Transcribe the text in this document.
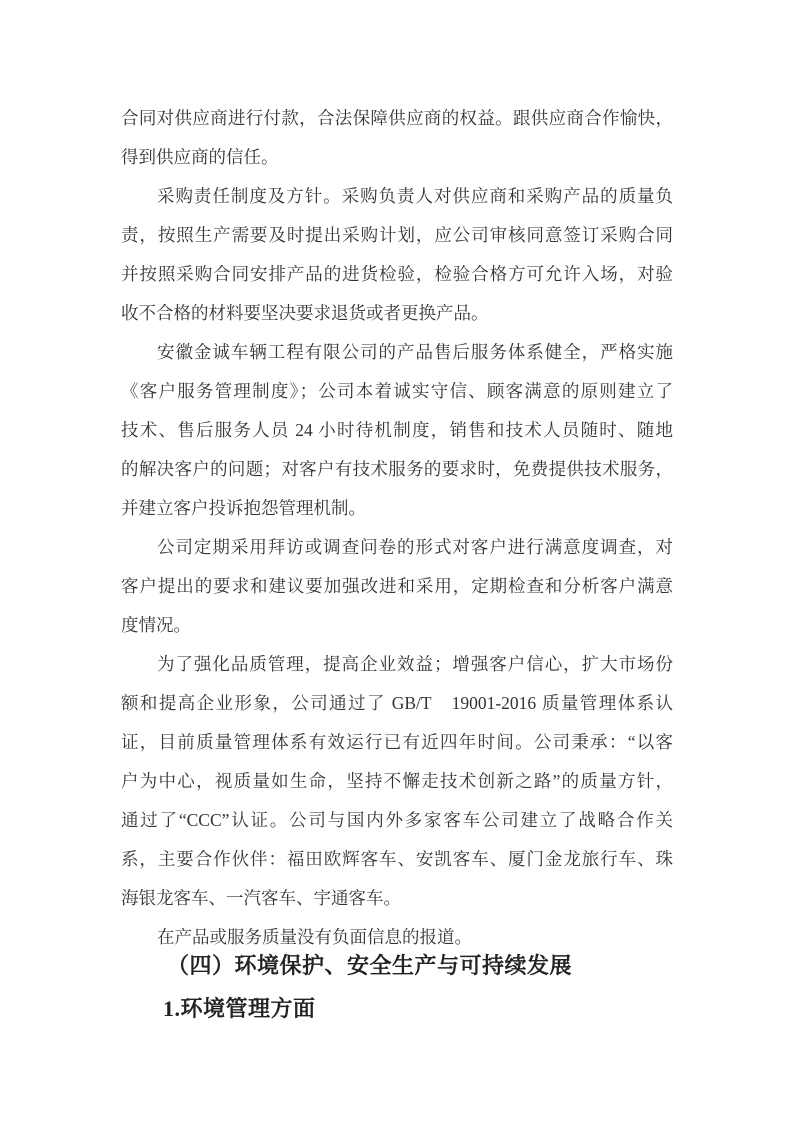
合同对供应商进行付款，合法保障供应商的权益。跟供应商合作愉快，
得到供应商的信任。
采购责任制度及方针。采购负责人对供应商和采购产品的质量负
责，按照生产需要及时提出采购计划，应公司审核同意签订采购合同
并按照采购合同安排产品的进货检验，检验合格方可允许入场，对验
收不合格的材料要坚决要求退货或者更换产品。
安徽金诚车辆工程有限公司的产品售后服务体系健全，严格实施
《客户服务管理制度》；公司本着诚实守信、顾客满意的原则建立了
技术、售后服务人员 24 小时待机制度，销售和技术人员随时、随地
的解决客户的问题；对客户有技术服务的要求时，免费提供技术服务，
并建立客户投诉抱怨管理机制。
公司定期采用拜访或调查问卷的形式对客户进行满意度调查，对
客户提出的要求和建议要加强改进和采用，定期检查和分析客户满意
度情况。
为了强化品质管理，提高企业效益；增强客户信心，扩大市场份
额和提高企业形象，公司通过了 GB/T　19001-2016 质量管理体系认
证，目前质量管理体系有效运行已有近四年时间。公司秉承：“以客
户为中心，视质量如生命，坚持不懈走技术创新之路”的质量方针，
通过了“CCC”认证。公司与国内外多家客车公司建立了战略合作关
系，主要合作伙伴：福田欧辉客车、安凯客车、厦门金龙旅行车、珠
海银龙客车、一汽客车、宇通客车。
在产品或服务质量没有负面信息的报道。
（四）环境保护、安全生产与可持续发展
1.环境管理方面
